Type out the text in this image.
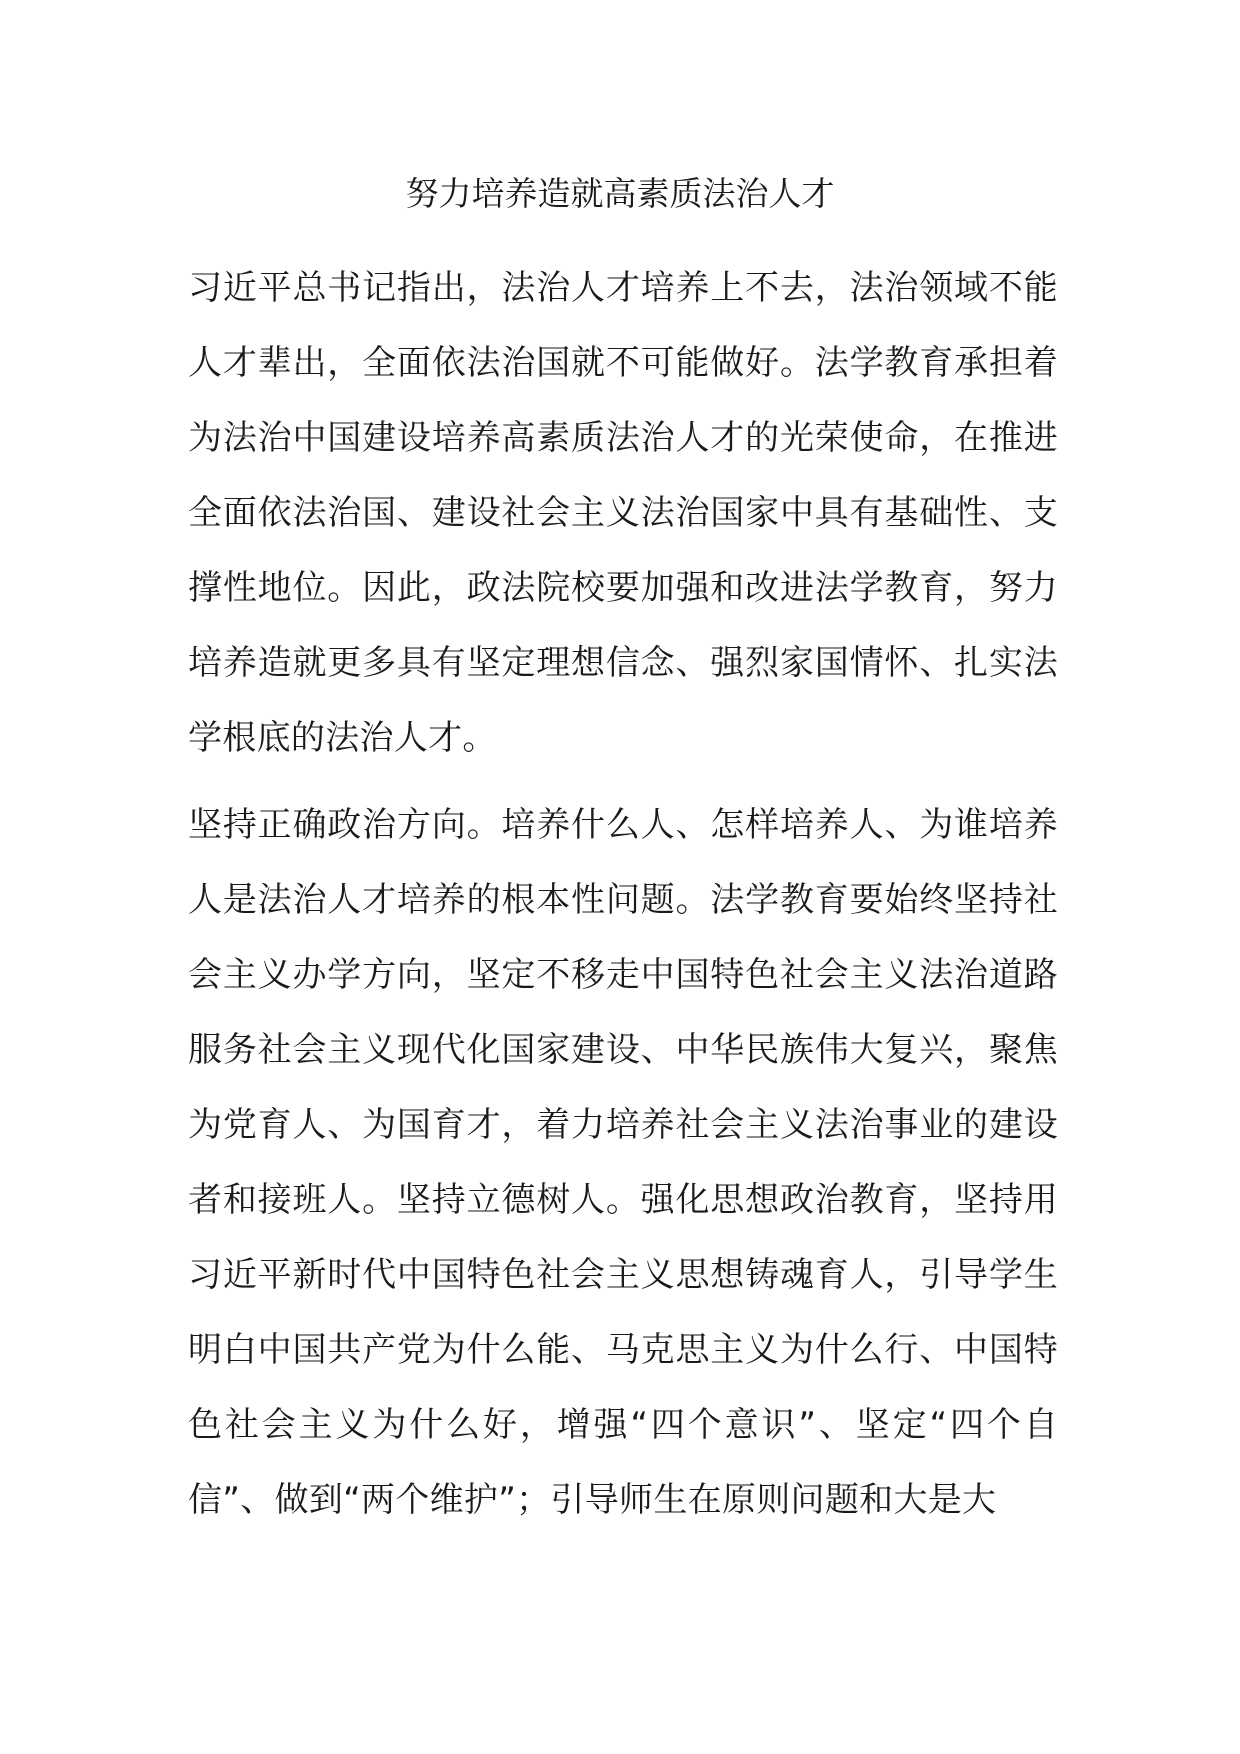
努力培养造就高素质法治人才

习近平总书记指出，法治人才培养上不去，法治领域不能人才辈出，全面依法治国就不可能做好。法学教育承担着为法治中国建设培养高素质法治人才的光荣使命，在推进全面依法治国、建设社会主义法治国家中具有基础性、支撑性地位。因此，政法院校要加强和改进法学教育，努力培养造就更多具有坚定理想信念、强烈家国情怀、扎实法学根底的法治人才。

坚持正确政治方向。培养什么人、怎样培养人、为谁培养人是法治人才培养的根本性问题。法学教育要始终坚持社会主义办学方向，坚定不移走中国特色社会主义法治道路服务社会主义现代化国家建设、中华民族伟大复兴，聚焦为党育人、为国育才，着力培养社会主义法治事业的建设者和接班人。坚持立德树人。强化思想政治教育，坚持用习近平新时代中国特色社会主义思想铸魂育人，引导学生明白中国共产党为什么能、马克思主义为什么行、中国特色社会主义为什么好，增强“四个意识”、坚定“四个自信”、做到“两个维护”；引导师生在原则问题和大是大
